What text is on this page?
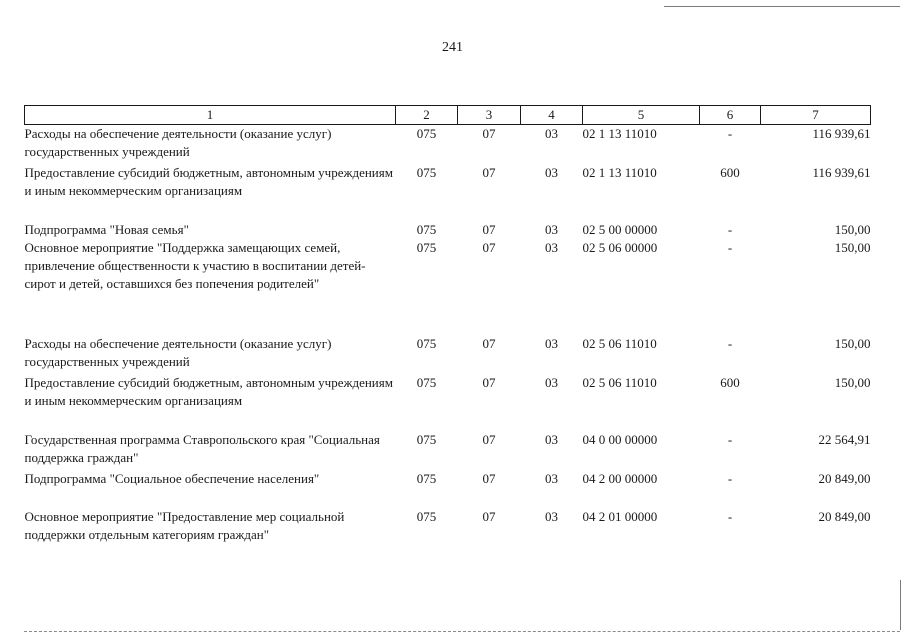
241
1	2	3	4	5	6	7
Расходы на обеспечение деятельности (оказание услуг) государственных учреждений	075	07	03	02 1 13 11010	-	116 939,61
Предоставление субсидий бюджетным, автономным учреждениям и иным некоммерческим организациям	075	07	03	02 1 13 11010	600	116 939,61
Подпрограмма "Новая семья"	075	07	03	02 5 00 00000	-	150,00
Основное мероприятие "Поддержка замещающих семей, привлечение общественности к участию в воспитании детей-сирот и детей, оставшихся без попечения родителей"	075	07	03	02 5 06 00000	-	150,00
Расходы на обеспечение деятельности (оказание услуг) государственных учреждений	075	07	03	02 5 06 11010	-	150,00
Предоставление субсидий бюджетным, автономным учреждениям и иным некоммерческим организациям	075	07	03	02 5 06 11010	600	150,00
Государственная программа Ставропольского края "Социальная поддержка граждан"	075	07	03	04 0 00 00000	-	22 564,91
Подпрограмма "Социальное обеспечение населения"	075	07	03	04 2 00 00000	-	20 849,00
Основное мероприятие "Предоставление мер социальной поддержки отдельным категориям граждан"	075	07	03	04 2 01 00000	-	20 849,00
